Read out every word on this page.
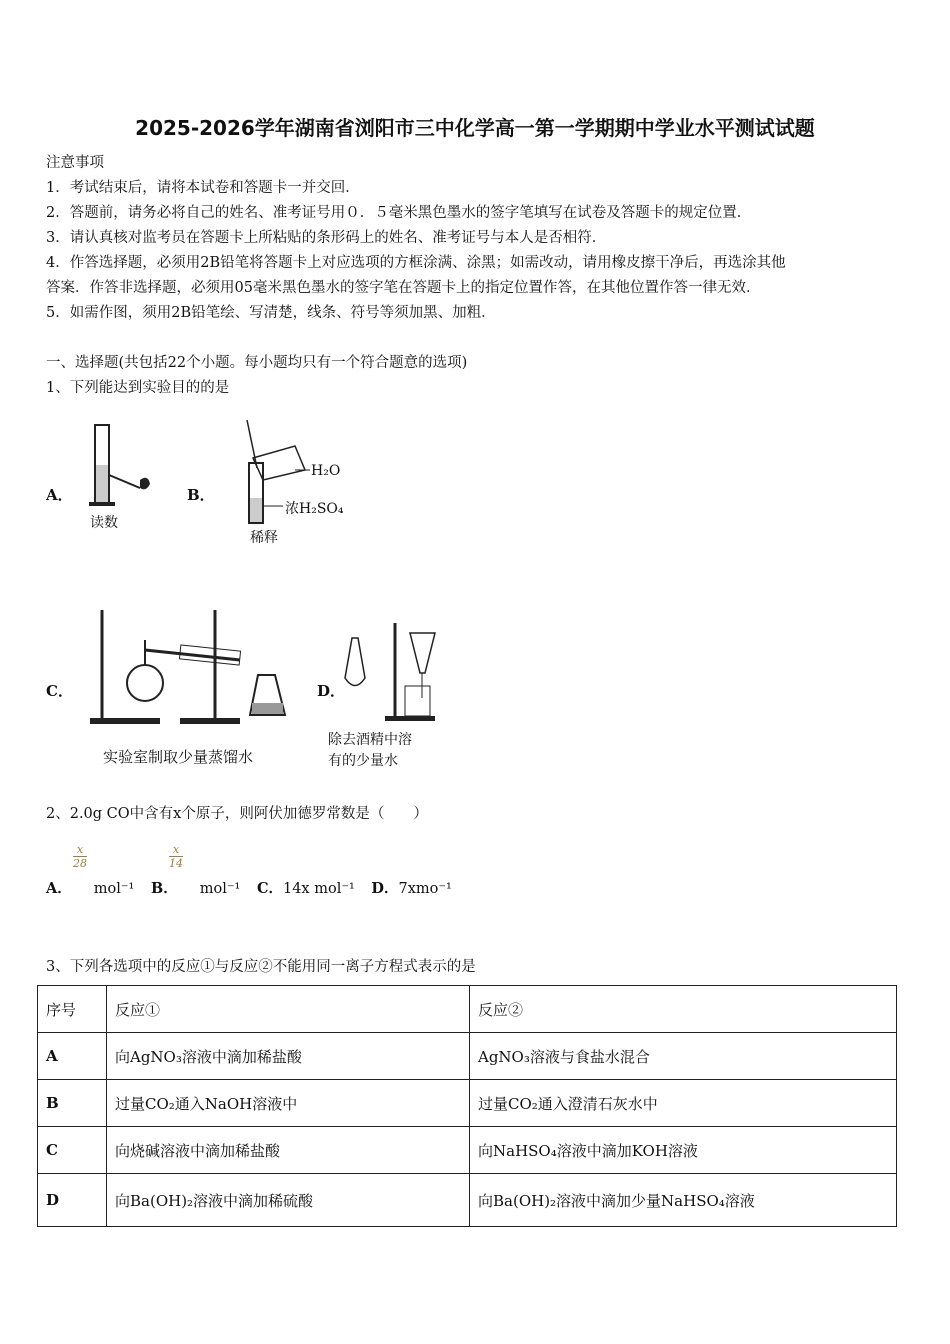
2025-2026学年湖南省浏阳市三中化学高一第一学期期中学业水平测试试题
注意事项
1．考试结束后，请将本试卷和答题卡一并交回．
2．答题前，请务必将自己的姓名、准考证号用０．５毫米黑色墨水的签字笔填写在试卷及答题卡的规定位置．
3．请认真核对监考员在答题卡上所粘贴的条形码上的姓名、准考证号与本人是否相符．
4．作答选择题，必须用2B铅笔将答题卡上对应选项的方框涂满、涂黑；如需改动，请用橡皮擦干净后，再选涂其他
答案．作答非选择题，必须用05毫米黑色墨水的签字笔在答题卡上的指定位置作答，在其他位置作答一律无效．
5．如需作图，须用2B铅笔绘、写清楚，线条、符号等须加黑、加粗．
一、选择题(共包括22个小题。每小题均只有一个符合题意的选项)
1、下列能达到实验目的的是
A．
读数
B．
H₂O
浓H₂SO₄
稀释
C．
实验室制取少量蒸馏水
D．
除去酒精中溶
有的少量水
2、2.0g CO中含有x个原子，则阿伏加德罗常数是（　　）
$\frac{x}{28}$	$\frac{x}{14}$
A． mol⁻¹ B． mol⁻¹ C．14x mol⁻¹ D．7xmo⁻¹
3、下列各选项中的反应①与反应②不能用同一离子方程式表示的是
序号	反应①	反应②
A	向AgNO₃溶液中滴加稀盐酸	AgNO₃溶液与食盐水混合
B	过量CO₂通入NaOH溶液中	过量CO₂通入澄清石灰水中
C	向烧碱溶液中滴加稀盐酸	向NaHSO₄溶液中滴加KOH溶液
D	向Ba(OH)₂溶液中滴加稀硫酸	向Ba(OH)₂溶液中滴加少量NaHSO₄溶液
